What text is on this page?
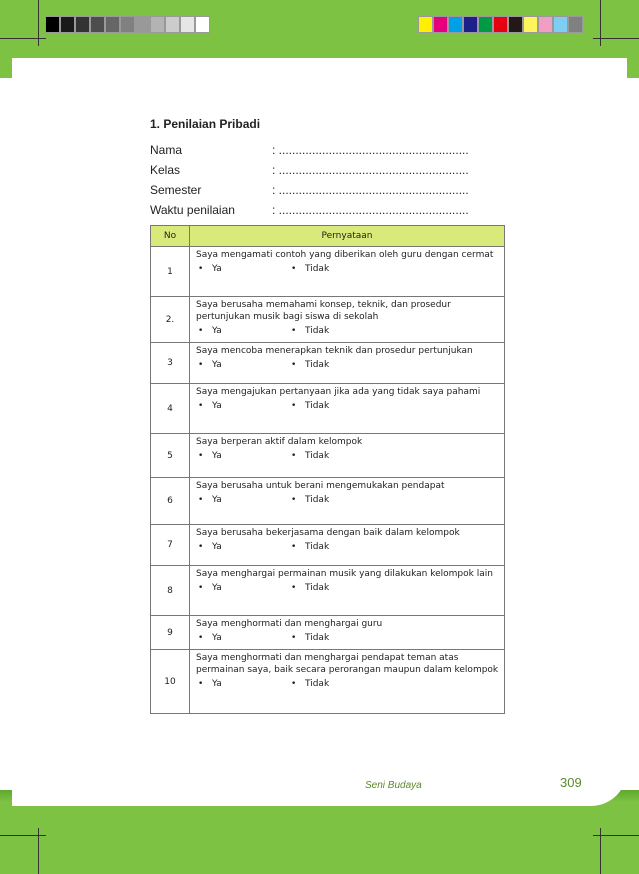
1. Penilaian Pribadi
Nama	: .........................................................
Kelas	: .........................................................
Semester	: .........................................................
Waktu penilaian	: .........................................................
No	Pernyataan
1	Saya mengamati contoh yang diberikan oleh guru dengan cermat
• Ya • Tidak

2.	Saya berusaha memahami konsep, teknik, dan prosedur pertunjukan musik bagi siswa di sekolah
• Ya • Tidak

3	Saya mencoba menerapkan teknik dan prosedur pertunjukan
• Ya • Tidak

4	Saya mengajukan pertanyaan jika ada yang tidak saya pahami
• Ya • Tidak

5	Saya berperan aktif dalam kelompok
• Ya • Tidak

6	Saya berusaha untuk berani mengemukakan pendapat
• Ya • Tidak

7	Saya berusaha bekerjasama dengan baik dalam kelompok
• Ya • Tidak

8	Saya menghargai permainan musik yang dilakukan kelompok lain
• Ya • Tidak

9	Saya menghormati dan menghargai guru
• Ya • Tidak

10	Saya menghormati dan menghargai pendapat teman atas permainan saya, baik secara perorangan maupun dalam kelompok
• Ya • Tidak
Seni Budaya	309
